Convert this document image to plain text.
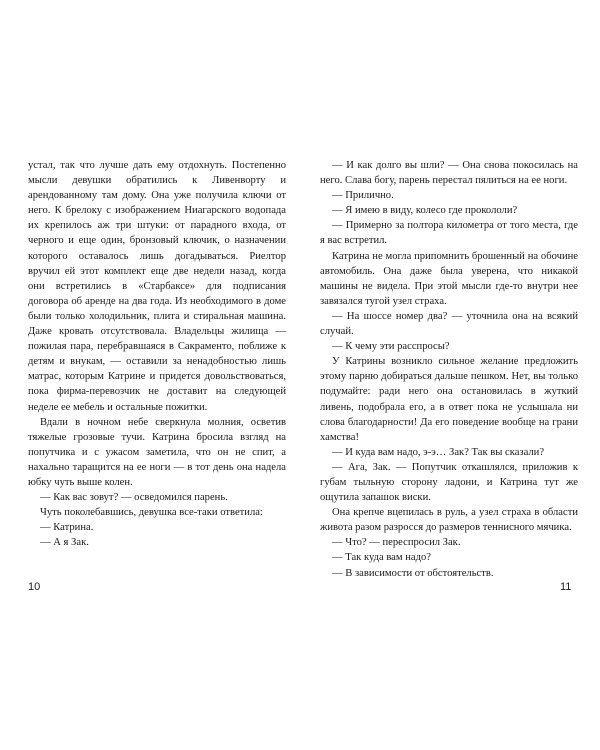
устал, так что лучше дать ему отдохнуть. Постепенно мысли девушки обратились к Ливенворту и арендованному там дому. Она уже получила ключи от него. К брелоку с изображением Ниагарского водопада их крепилось аж три штуки: от парадного входа, от черного и еще один, бронзовый ключик, о назначении которого оставалось лишь догадываться. Риелтор вручил ей этот комплект еще две недели назад, когда они встретились в «Старбаксе» для подписания договора об аренде на два года. Из необходимого в доме были только холодильник, плита и стиральная машина. Даже кровать отсутствовала. Владельцы жилища — пожилая пара, перебравшаяся в Сакраменто, поближе к детям и внукам, — оставили за ненадобностью лишь матрас, которым Катрине и придется довольствоваться, пока фирма-перевозчик не доставит на следующей неделе ее мебель и остальные пожитки.

Вдали в ночном небе сверкнула молния, осветив тяжелые грозовые тучи. Катрина бросила взгляд на попутчика и с ужасом заметила, что он не спит, а нахально таращится на ее ноги — в тот день она надела юбку чуть выше колен.

— Как вас зовут? — осведомился парень.

Чуть поколебавшись, девушка все-таки ответила:

— Катрина.

— А я Зак.

— И как долго вы шли? — Она снова покосилась на него. Слава богу, парень перестал пялиться на ее ноги.

— Прилично.

— Я имею в виду, колесо где прокололи?

— Примерно за полтора километра от того места, где я вас встретил.

Катрина не могла припомнить брошенный на обочине автомобиль. Она даже была уверена, что никакой машины не видела. При этой мысли где-то внутри нее завязался тугой узел страха.

— На шоссе номер два? — уточнила она на всякий случай.

— К чему эти расспросы?

У Катрины возникло сильное желание предложить этому парню добираться дальше пешком. Нет, вы только подумайте: ради него она остановилась в жуткий ливень, подобрала его, а в ответ пока не услышала ни слова благодарности! Да его поведение вообще на грани хамства!

— И куда вам надо, э-э… Зак? Так вы сказали?

— Ага, Зак. — Попутчик откашлялся, приложив к губам тыльную сторону ладони, и Катрина тут же ощутила запашок виски.

Она крепче вцепилась в руль, а узел страха в области живота разом разросся до размеров теннисного мячика.

— Что? — переспросил Зак.

— Так куда вам надо?

— В зависимости от обстоятельств.

10	11
